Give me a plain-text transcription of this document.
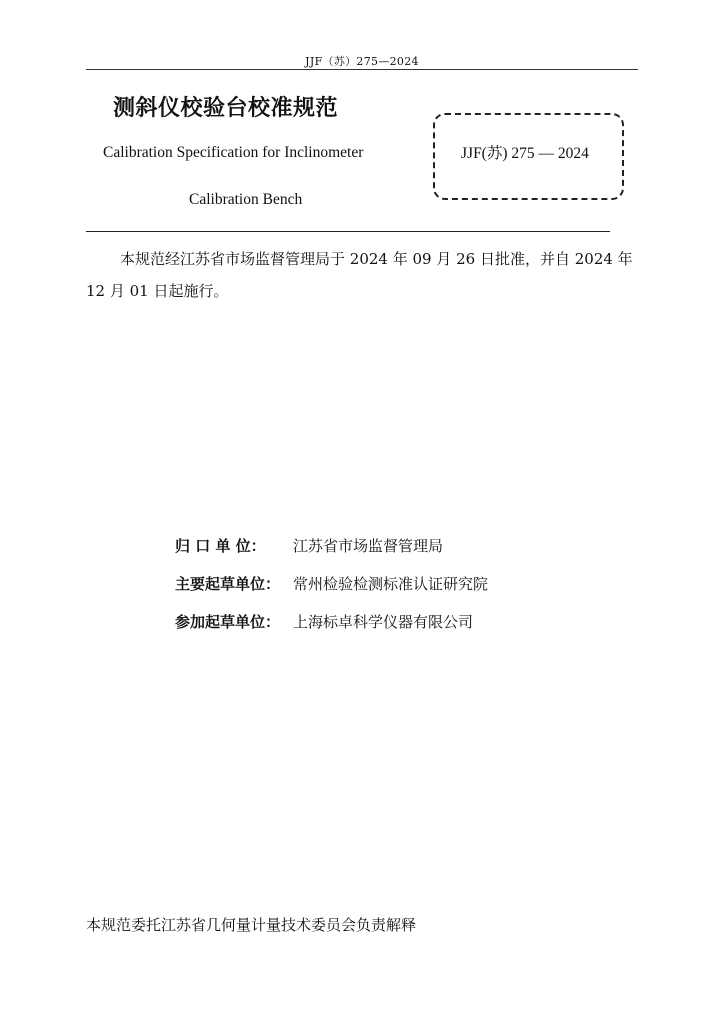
JJF（苏）275—2024
测斜仪校验台校准规范
Calibration Specification for Inclinometer
Calibration Bench
JJF(苏) 275 — 2024
本规范经江苏省市场监督管理局于 2024 年 09 月 26 日批准，并自 2024 年 12 月 01 日起施行。
归 口 单 位： 江苏省市场监督管理局
主要起草单位： 常州检验检测标准认证研究院
参加起草单位： 上海标卓科学仪器有限公司
本规范委托江苏省几何量计量技术委员会负责解释
